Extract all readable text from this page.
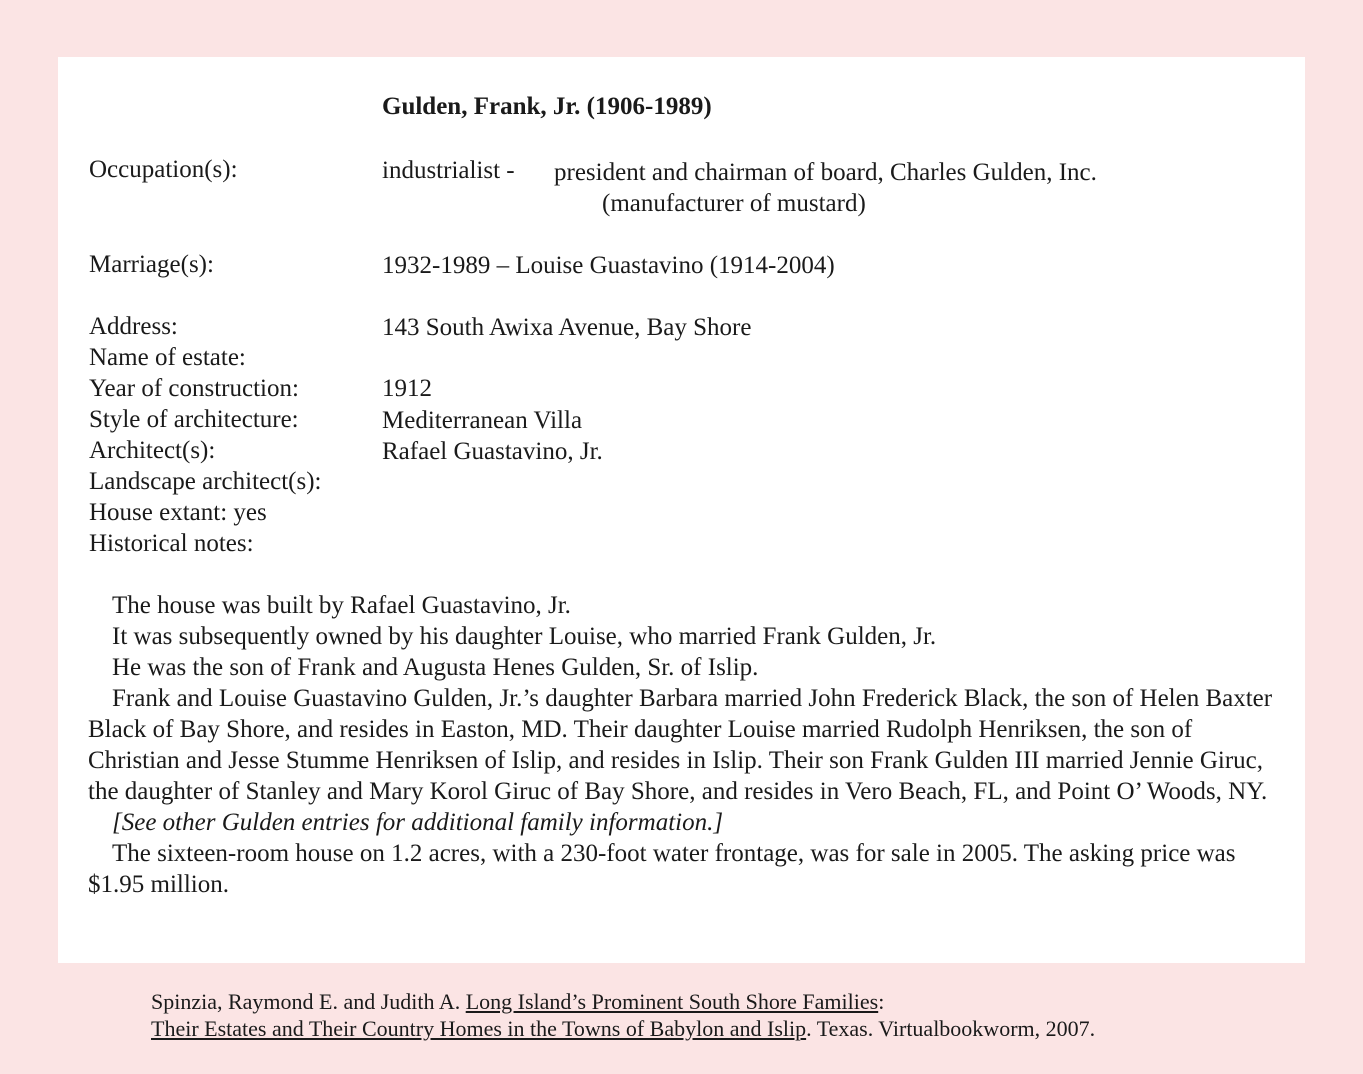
Gulden, Frank, Jr. (1906-1989)
Occupation(s):	industrialist - president and chairman of board, Charles Gulden, Inc.
(manufacturer of mustard)
Marriage(s):	1932-1989 – Louise Guastavino (1914-2004)
Address:	143 South Awixa Avenue, Bay Shore
Name of estate:
Year of construction:	1912
Style of architecture:	Mediterranean Villa
Architect(s):	Rafael Guastavino, Jr.
Landscape architect(s):
House extant: yes
Historical notes:

The house was built by Rafael Guastavino, Jr.

It was subsequently owned by his daughter Louise, who married Frank Gulden, Jr.

He was the son of Frank and Augusta Henes Gulden, Sr. of Islip.

Frank and Louise Guastavino Gulden, Jr.’s daughter Barbara married John Frederick Black, the son of Helen Baxter Black of Bay Shore, and resides in Easton, MD. Their daughter Louise married Rudolph Henriksen, the son of Christian and Jesse Stumme Henriksen of Islip, and resides in Islip. Their son Frank Gulden III married Jennie Giruc, the daughter of Stanley and Mary Korol Giruc of Bay Shore, and resides in Vero Beach, FL, and Point O’ Woods, NY.

[See other Gulden entries for additional family information.]

The sixteen-room house on 1.2 acres, with a 230-foot water frontage, was for sale in 2005. The asking price was $1.95 million.

Spinzia, Raymond E. and Judith A. Long Island’s Prominent South Shore Families:
Their Estates and Their Country Homes in the Towns of Babylon and Islip. Texas. Virtualbookworm, 2007.
